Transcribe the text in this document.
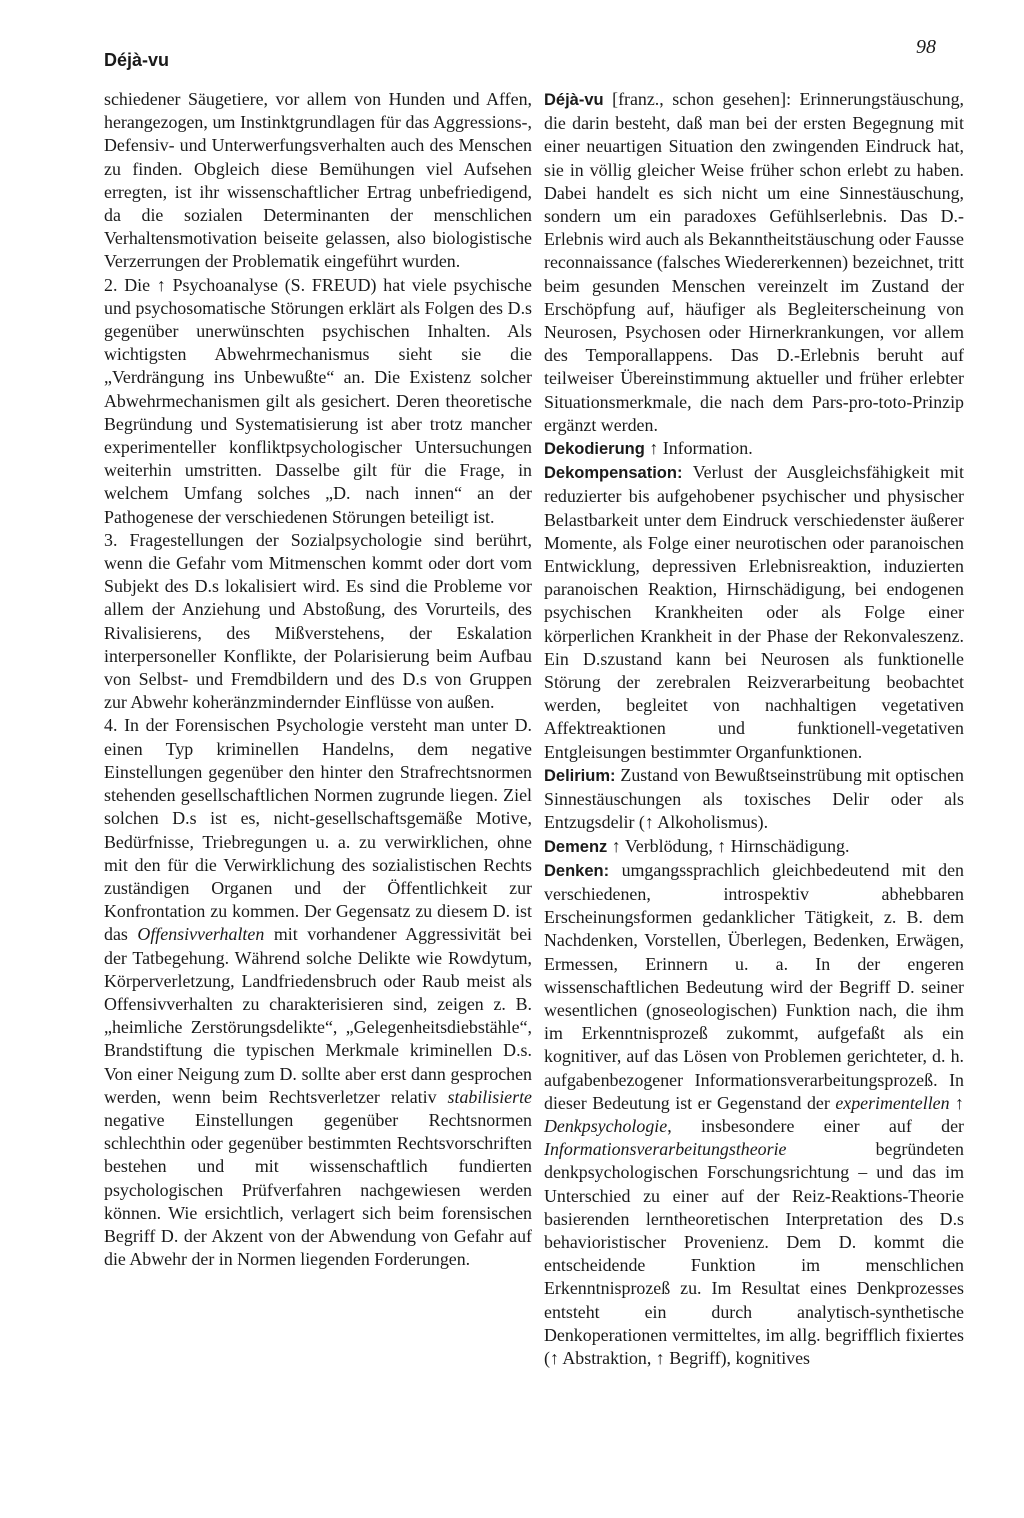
Déjà-vu
98

schiedener Säugetiere, vor allem von Hunden und Affen, herangezogen, um Instinktgrundlagen für das Aggressions-, Defensiv- und Unterwerfungsverhalten auch des Menschen zu finden. Obgleich diese Bemühungen viel Aufsehen erregten, ist ihr wissenschaftlicher Ertrag unbefriedigend, da die sozialen Determinanten der menschlichen Verhaltensmotivation beiseite gelassen, also biologistische Verzerrungen der Problematik eingeführt wurden.

2. Die ↑ Psychoanalyse (S. FREUD) hat viele psychische und psychosomatische Störungen erklärt als Folgen des D.s gegenüber unerwünschten psychischen Inhalten. Als wichtigsten Abwehrmechanismus sieht sie die „Verdrängung ins Unbewußte“ an. Die Existenz solcher Abwehrmechanismen gilt als gesichert. Deren theoretische Begründung und Systematisierung ist aber trotz mancher experimenteller konfliktpsychologischer Untersuchungen weiterhin umstritten. Dasselbe gilt für die Frage, in welchem Umfang solches „D. nach innen“ an der Pathogenese der verschiedenen Störungen beteiligt ist.

3. Fragestellungen der Sozialpsychologie sind berührt, wenn die Gefahr vom Mitmenschen kommt oder dort vom Subjekt des D.s lokalisiert wird. Es sind die Probleme vor allem der Anziehung und Abstoßung, des Vorurteils, des Rivalisierens, des Mißverstehens, der Eskalation interpersoneller Konflikte, der Polarisierung beim Aufbau von Selbst- und Fremdbildern und des D.s von Gruppen zur Abwehr koheränzmindernder Einflüsse von außen.

4. In der Forensischen Psychologie versteht man unter D. einen Typ kriminellen Handelns, dem negative Einstellungen gegenüber den hinter den Strafrechtsnormen stehenden gesellschaftlichen Normen zugrunde liegen. Ziel solchen D.s ist es, nicht-gesellschaftsgemäße Motive, Bedürfnisse, Triebregungen u. a. zu verwirklichen, ohne mit den für die Verwirklichung des sozialistischen Rechts zuständigen Organen und der Öffentlichkeit zur Konfrontation zu kommen. Der Gegensatz zu diesem D. ist das Offensivverhalten mit vorhandener Aggressivität bei der Tatbegehung. Während solche Delikte wie Rowdytum, Körperverletzung, Landfriedensbruch oder Raub meist als Offensivverhalten zu charakterisieren sind, zeigen z. B. „heimliche Zerstörungsdelikte“, „Gelegenheitsdiebstähle“, Brandstiftung die typischen Merkmale kriminellen D.s. Von einer Neigung zum D. sollte aber erst dann gesprochen werden, wenn beim Rechtsverletzer relativ stabilisierte negative Einstellungen gegenüber Rechtsnormen schlechthin oder gegenüber bestimmten Rechtsvorschriften bestehen und mit wissenschaftlich fundierten psychologischen Prüfverfahren nachgewiesen werden können. Wie ersichtlich, verlagert sich beim forensischen Begriff D. der Akzent von der Abwendung von Gefahr auf die Abwehr der in Normen liegenden Forderungen.

Déjà-vu [franz., schon gesehen]: Erinnerungstäuschung, die darin besteht, daß man bei der ersten Begegnung mit einer neuartigen Situation den zwingenden Eindruck hat, sie in völlig gleicher Weise früher schon erlebt zu haben. Dabei handelt es sich nicht um eine Sinnestäuschung, sondern um ein paradoxes Gefühlserlebnis. Das D.-Erlebnis wird auch als Bekanntheitstäuschung oder Fausse reconnaissance (falsches Wiedererkennen) bezeichnet, tritt beim gesunden Menschen vereinzelt im Zustand der Erschöpfung auf, häufiger als Begleiterscheinung von Neurosen, Psychosen oder Hirnerkrankungen, vor allem des Temporallappens. Das D.-Erlebnis beruht auf teilweiser Übereinstimmung aktueller und früher erlebter Situationsmerkmale, die nach dem Pars-pro-toto-Prinzip ergänzt werden.

Dekodierung ↑ Information.

Dekompensation: Verlust der Ausgleichsfähigkeit mit reduzierter bis aufgehobener psychischer und physischer Belastbarkeit unter dem Eindruck verschiedenster äußerer Momente, als Folge einer neurotischen oder paranoischen Entwicklung, depressiven Erlebnisreaktion, induzierten paranoischen Reaktion, Hirnschädigung, bei endogenen psychischen Krankheiten oder als Folge einer körperlichen Krankheit in der Phase der Rekonvaleszenz. Ein D.szustand kann bei Neurosen als funktionelle Störung der zerebralen Reizverarbeitung beobachtet werden, begleitet von nachhaltigen vegetativen Affektreaktionen und funktionell-vegetativen Entgleisungen bestimmter Organfunktionen.

Delirium: Zustand von Bewußtseinstrübung mit optischen Sinnestäuschungen als toxisches Delir oder als Entzugsdelir (↑ Alkoholismus).

Demenz ↑ Verblödung, ↑ Hirnschädigung.

Denken: umgangssprachlich gleichbedeutend mit den verschiedenen, introspektiv abhebbaren Erscheinungsformen gedanklicher Tätigkeit, z. B. dem Nachdenken, Vorstellen, Überlegen, Bedenken, Erwägen, Ermessen, Erinnern u. a. In der engeren wissenschaftlichen Bedeutung wird der Begriff D. seiner wesentlichen (gnoseologischen) Funktion nach, die ihm im Erkenntnisprozeß zukommt, aufgefaßt als ein kognitiver, auf das Lösen von Problemen gerichteter, d. h. aufgabenbezogener Informationsverarbeitungsprozeß. In dieser Bedeutung ist er Gegenstand der experimentellen ↑ Denkpsychologie, insbesondere einer auf der Informationsverarbeitungstheorie begründeten denkpsychologischen Forschungsrichtung – und das im Unterschied zu einer auf der Reiz-Reaktions-Theorie basierenden lerntheoretischen Interpretation des D.s behavioristischer Provenienz. Dem D. kommt die entscheidende Funktion im menschlichen Erkenntnisprozeß zu. Im Resultat eines Denkprozesses entsteht ein durch analytisch-synthetische Denkoperationen vermitteltes, im allg. begrifflich fixiertes (↑ Abstraktion, ↑ Begriff), kognitives
